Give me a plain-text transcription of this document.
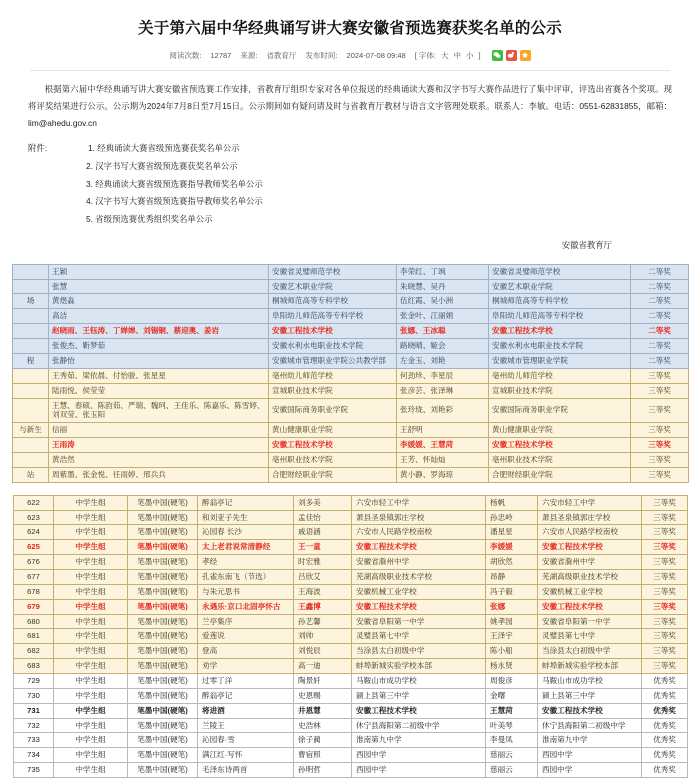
关于第六届中华经典诵写讲大赛安徽省预选赛获奖名单的公示
阅读次数: 12787 来源: 省教育厅 发布时间: 2024-07-08 09:48 [ 字体: 大 中 小 ]

根据第六届中华经典诵写讲大赛安徽省预选赛工作安排，省教育厅组织专家对各单位报送的经典诵读大赛和汉字书写大赛作品进行了集中评审，评选出省赛各个奖项。现将评奖结果进行公示。公示期为2024年7月8日至7月15日。公示期间如有疑问请及时与省教育厅教材与语言文字管理处联系。联系人：李敏。电话：0551-62831855，邮箱：lim@ahedu.gov.cn

附件:	1. 经典诵读大赛省级预选赛获奖名单公示
2. 汉字书写大赛省级预选赛获奖名单公示
3. 经典诵读大赛省级预选赛指导教师奖名单公示
4. 汉字书写大赛省级预选赛指导教师奖名单公示
5. 省级预选赛优秀组织奖名单公示
安徽省教育厅
	王颖	安徽省灵璧师范学校	李荣红、丁飒	安徽省灵璧师范学校	二等奖
	张慧	安徽艺术职业学院	朱晓慧、吴丹	安徽艺术职业学院	二等奖
场	黄煜淼	桐城师范高等专科学校	伍红霞、吴小洲	桐城师范高等专科学校	二等奖
	高洁	阜阳幼儿师范高等专科学校	张金叶、江丽娟	阜阳幼儿师范高等专科学校	二等奖
	赵晓雨、王钰涛、丁婵婵、刘锡铜、蔡迎奥、姜岩	安徽工程技术学校	张娜、王冰聪	安徽工程技术学校	二等奖
	张俊杰、靳梦茹	安徽水利水电职业技术学院	路晓晴、姬会	安徽水利水电职业技术学院	二等奖
程	张静怡	安徽城市管理职业学院公共教学部	左金玉、刘艳	安徽城市管理职业学院	二等奖
	王秀茹、梁依晨、付怡骏、张星星	亳州幼儿师范学校	何劲珍、李星辰	亳州幼儿师范学校	三等奖
	陆雨悦、侯莹莹	宣城职业技术学院	张彦芸、张泽琳	宣城职业技术学院	三等奖
	王慧、春硕、陈韵茹、严瑞、魏珂、王佳乐、陈嘉乐、陈雪婷、刘双莹、张玉阳	安徽国际商务职业学院	张玲珑、刘艳彩	安徽国际商务职业学院	三等奖
与新生	信丽	黄山健康职业学院	王舒明	黄山健康职业学院	三等奖
	王雨涛	安徽工程技术学校	李媛媛、王慧菏	安徽工程技术学校	三等奖
	黄浩然	亳州职业技术学院	王芳、怀灿灿	亳州职业技术学院	三等奖
站	周紫墨、张金悦、任雨婷、邢兵兵	合肥财经职业学院	黄小静、罗海琼	合肥财经职业学院	三等奖
622	中学生组	笔墨中国(硬笔)	醉翁亭记	刘多美	六安市轻工中学	杨帆	六安市轻工中学	三等奖
623	中学生组	笔墨中国(硬笔)	和刘亚子先生	孟佳怡	萧县圣泉镇郭庄学校	孙忠岭	萧县圣泉镇郭庄学校	三等奖
624	中学生组	笔墨中国(硬笔)	沁园春 长沙	戚语涵	六安市人民路学校南校	潘星星	六安市人民路学校南校	三等奖
625	中学生组	笔墨中国(硬笔)	太上老君说常清静经	王一童	安徽工程技术学校	李媛媛	安徽工程技术学校	三等奖
676	中学生组	笔墨中国(硬笔)	孝经	时宏雅	安徽省滁州中学	胡欣然	安徽省滁州中学	三等奖
677	中学生组	笔墨中国(硬笔)	孔雀东南飞（节选）	吕欣艾	芜湖高级职业技术学校	昂静	芜湖高级职业技术学校	三等奖
678	中学生组	笔墨中国(硬笔)	与朱元思书	王海波	安徽机械工业学校	冯子毅	安徽机械工业学校	三等奖
679	中学生组	笔墨中国(硬笔)	永遇乐·京口北固亭怀古	王鑫博	安徽工程技术学校	张娜	安徽工程技术学校	三等奖
680	中学生组	笔墨中国(硬笔)	兰亭集序	孙艺馨	安徽省阜阳第一中学	姚孝园	安徽省阜阳第一中学	三等奖
681	中学生组	笔墨中国(硬笔)	爱莲说	刘帅	灵璧县第七中学	王泽宇	灵璧县第七中学	三等奖
682	中学生组	笔墨中国(硬笔)	登高	刘悦辰	当涂县太白初级中学	陈小船	当涂县太白初级中学	三等奖
683	中学生组	笔墨中国(硬笔)	劝学	高一迪	蚌埠新城实验学校本部	杨永贤	蚌埠新城实验学校本部	三等奖
729	中学生组	笔墨中国(硬笔)	过零丁洋	陶景轩	马鞍山市成功学校	周俊彦	马鞍山市成功学校	优秀奖
730	中学生组	笔墨中国(硬笔)	醉翁亭记	史恩赐	颍上县第三中学	金曙	颍上县第三中学	优秀奖
731	中学生组	笔墨中国(硬笔)	将进酒	井恩慧	安徽工程技术学校	王慧菏	安徽工程技术学校	优秀奖
732	中学生组	笔墨中国(硬笔)	兰陵王	史浩林	休宁县海阳第二初级中学	叶美琴	休宁县海阳第二初级中学	优秀奖
733	中学生组	笔墨中国(硬笔)	沁园春·雪	徐子蔺	淮南第九中学	李曼凤	淮南第九中学	优秀奖
734	中学生组	笔墨中国(硬笔)	满江红·写怀	曹宿照	西园中学	慈丽云	西园中学	优秀奖
735	中学生组	笔墨中国(硬笔)	毛泽东诗两首	孙明哲	西园中学	慈丽云	西园中学	优秀奖
